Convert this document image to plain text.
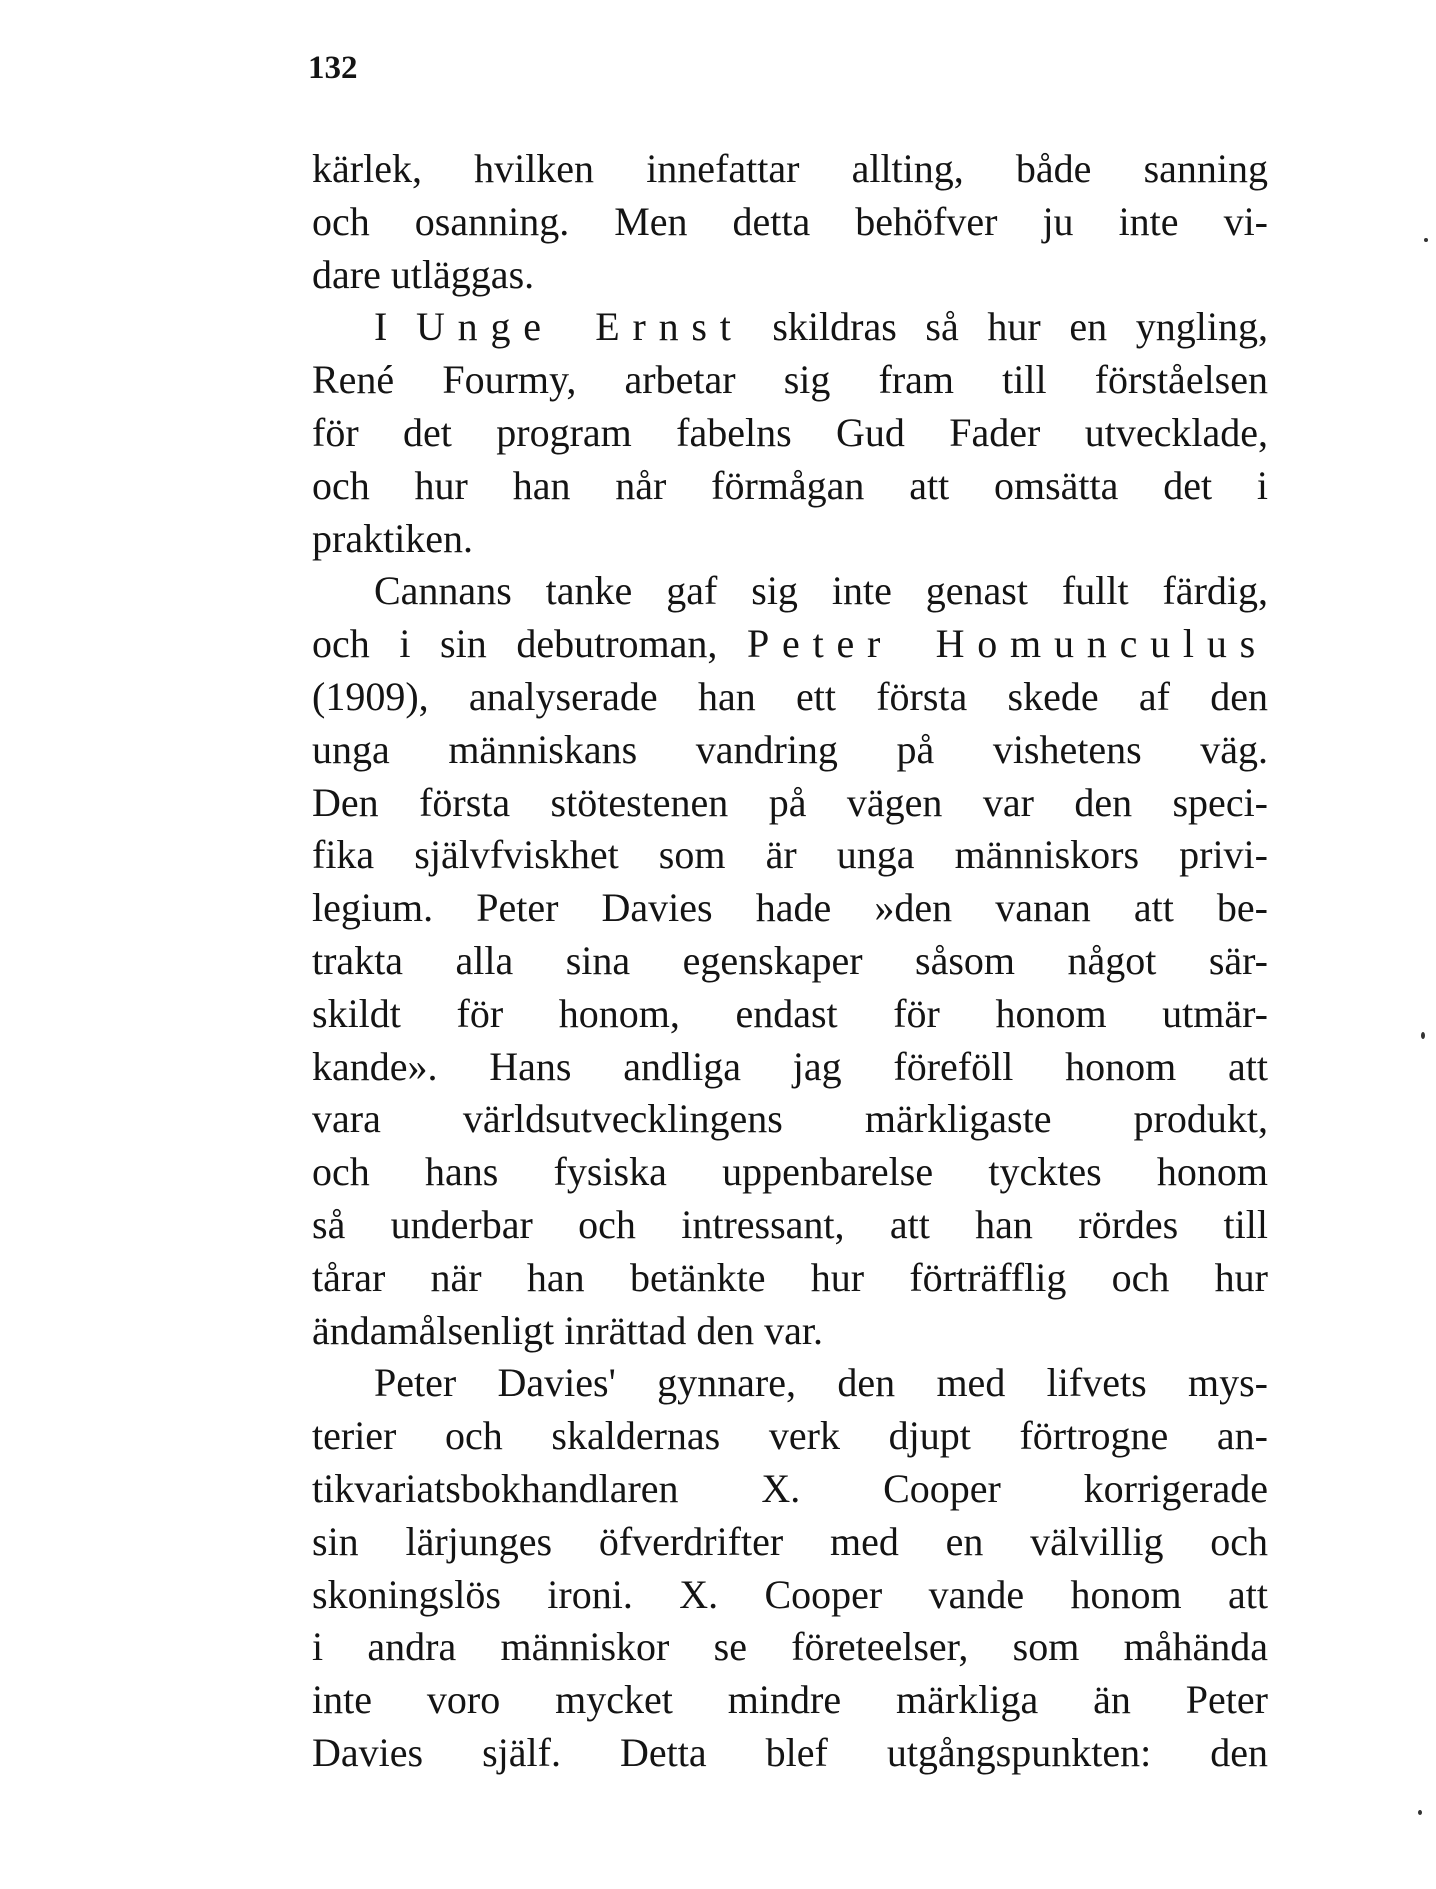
132
kärlek, hvilken innefattar allting, både sanning
och osanning. Men detta behöfver ju inte vi-
dare utläggas.
I Unge Ernst skildras så hur en yngling,
René Fourmy, arbetar sig fram till förståelsen
för det program fabelns Gud Fader utvecklade,
och hur han når förmågan att omsätta det i
praktiken.
Cannans tanke gaf sig inte genast fullt färdig,
och i sin debutroman, Peter Homunculus
(1909), analyserade han ett första skede af den
unga människans vandring på vishetens väg.
Den första stötestenen på vägen var den speci-
fika självfviskhet som är unga människors privi-
legium. Peter Davies hade »den vanan att be-
trakta alla sina egenskaper såsom något sär-
skildt för honom, endast för honom utmär-
kande». Hans andliga jag föreföll honom att
vara världsutvecklingens märkligaste produkt,
och hans fysiska uppenbarelse tycktes honom
så underbar och intressant, att han rördes till
tårar när han betänkte hur förträfflig och hur
ändamålsenligt inrättad den var.
Peter Davies' gynnare, den med lifvets mys-
terier och skaldernas verk djupt förtrogne an-
tikvariatsbokhandlaren X. Cooper korrigerade
sin lärjunges öfverdrifter med en välvillig och
skoningslös ironi. X. Cooper vande honom att
i andra människor se företeelser, som måhända
inte voro mycket mindre märkliga än Peter
Davies själf. Detta blef utgångspunkten: den
